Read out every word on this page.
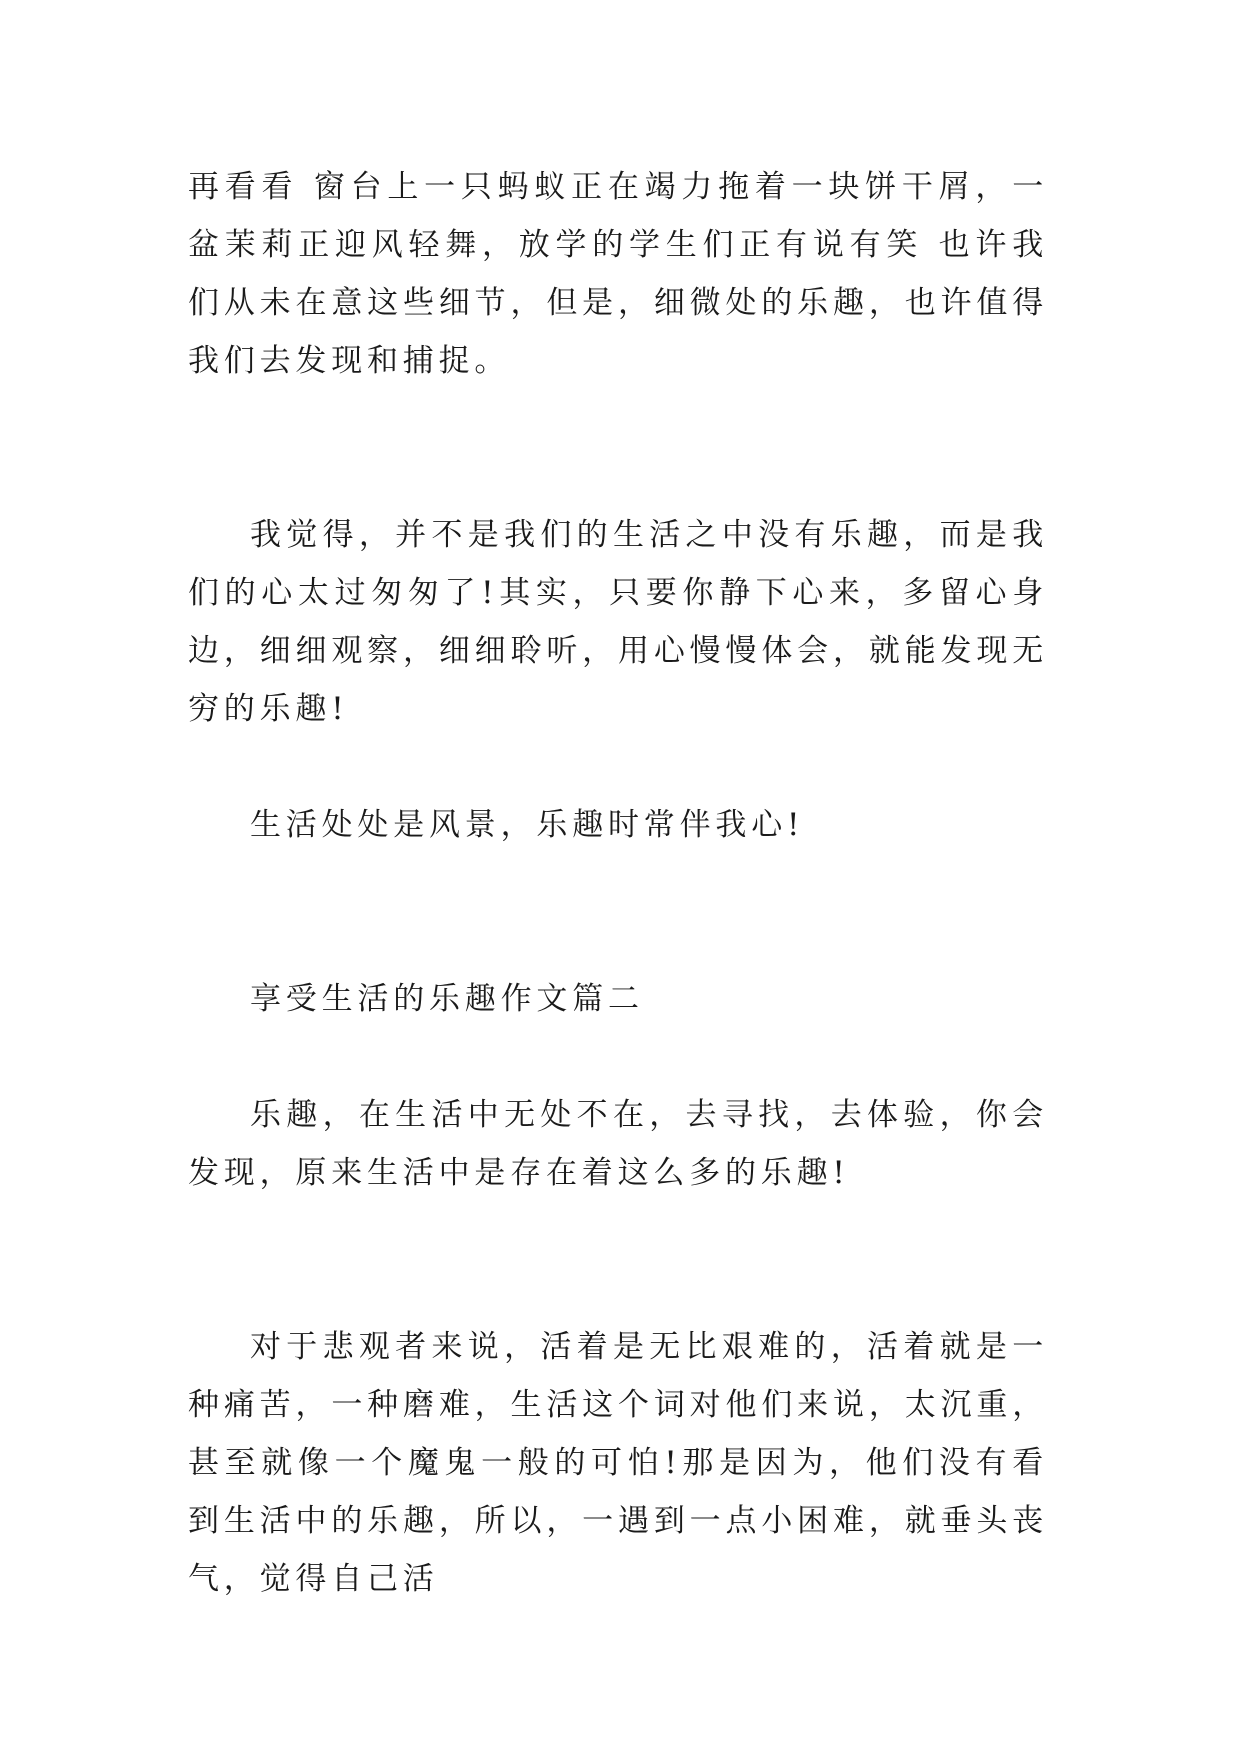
再看看 窗台上一只蚂蚁正在竭力拖着一块饼干屑，一盆茉莉正迎风轻舞，放学的学生们正有说有笑 也许我们从未在意这些细节，但是，细微处的乐趣，也许值得我们去发现和捕捉。

我觉得，并不是我们的生活之中没有乐趣，而是我们的心太过匆匆了!其实，只要你静下心来，多留心身边，细细观察，细细聆听，用心慢慢体会，就能发现无穷的乐趣!

生活处处是风景，乐趣时常伴我心!

享受生活的乐趣作文篇二

乐趣，在生活中无处不在，去寻找，去体验，你会发现，原来生活中是存在着这么多的乐趣!

对于悲观者来说，活着是无比艰难的，活着就是一种痛苦，一种磨难，生活这个词对他们来说，太沉重，甚至就像一个魔鬼一般的可怕!那是因为，他们没有看到生活中的乐趣，所以，一遇到一点小困难，就垂头丧气，觉得自己活
